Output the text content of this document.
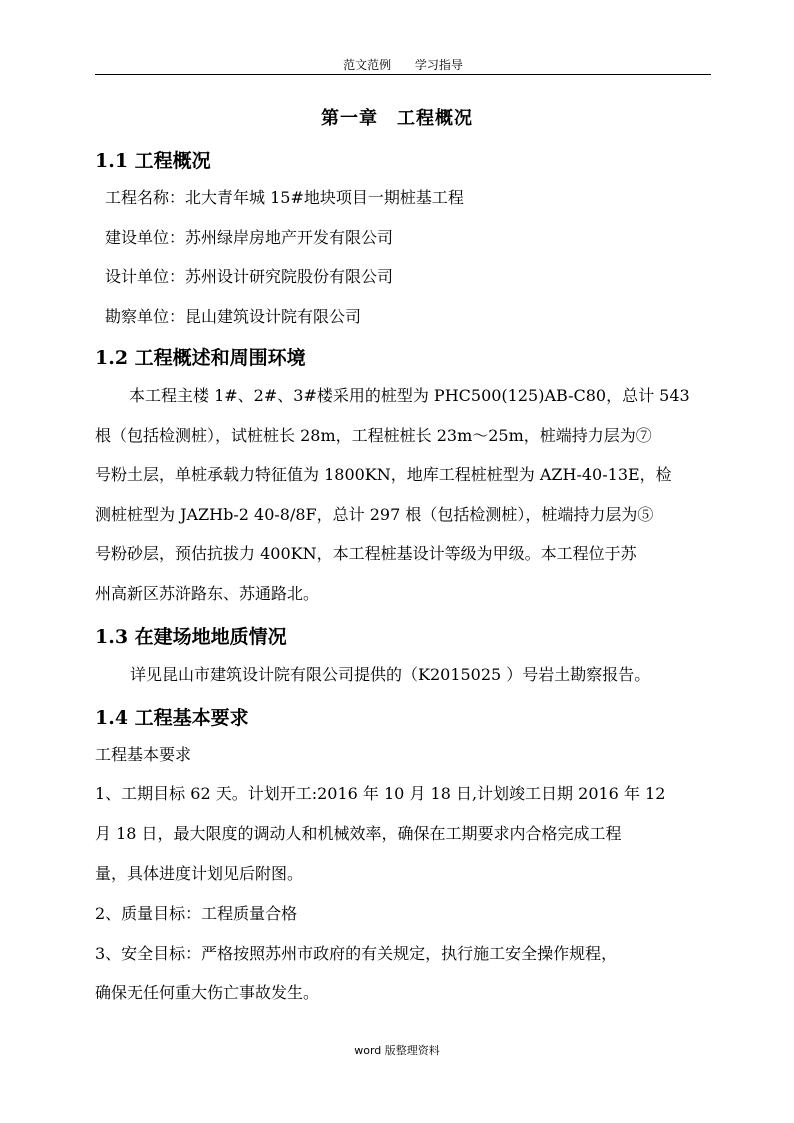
范文范例 学习指导
第一章　工程概况
1.1 工程概况
工程名称：北大青年城 15#地块项目一期桩基工程
建设单位：苏州绿岸房地产开发有限公司
设计单位：苏州设计研究院股份有限公司
勘察单位：昆山建筑设计院有限公司
1.2 工程概述和周围环境
　本工程主楼 1#、2#、3#楼采用的桩型为 PHC500(125)AB-C80，总计 543
根（包括检测桩），试桩桩长 28m，工程桩桩长 23m～25m，桩端持力层为⑦
号粉土层，单桩承载力特征值为 1800KN，地库工程桩桩型为 AZH-40-13E，检
测桩桩型为 JAZHb-2 40-8/8F，总计 297 根（包括检测桩），桩端持力层为⑤
号粉砂层，预估抗拔力 400KN，本工程桩基设计等级为甲级。本工程位于苏
州高新区苏浒路东、苏通路北。
1.3 在建场地地质情况
详见昆山市建筑设计院有限公司提供的（K2015025 ）号岩土勘察报告。
1.4 工程基本要求
工程基本要求
1、工期目标 62 天。计划开工:2016 年 10 月 18 日,计划竣工日期 2016 年 12
月 18 日，最大限度的调动人和机械效率，确保在工期要求内合格完成工程
量，具体进度计划见后附图。
2、质量目标：工程质量合格
3、安全目标：严格按照苏州市政府的有关规定，执行施工安全操作规程，
确保无任何重大伤亡事故发生。
word 版整理资料
